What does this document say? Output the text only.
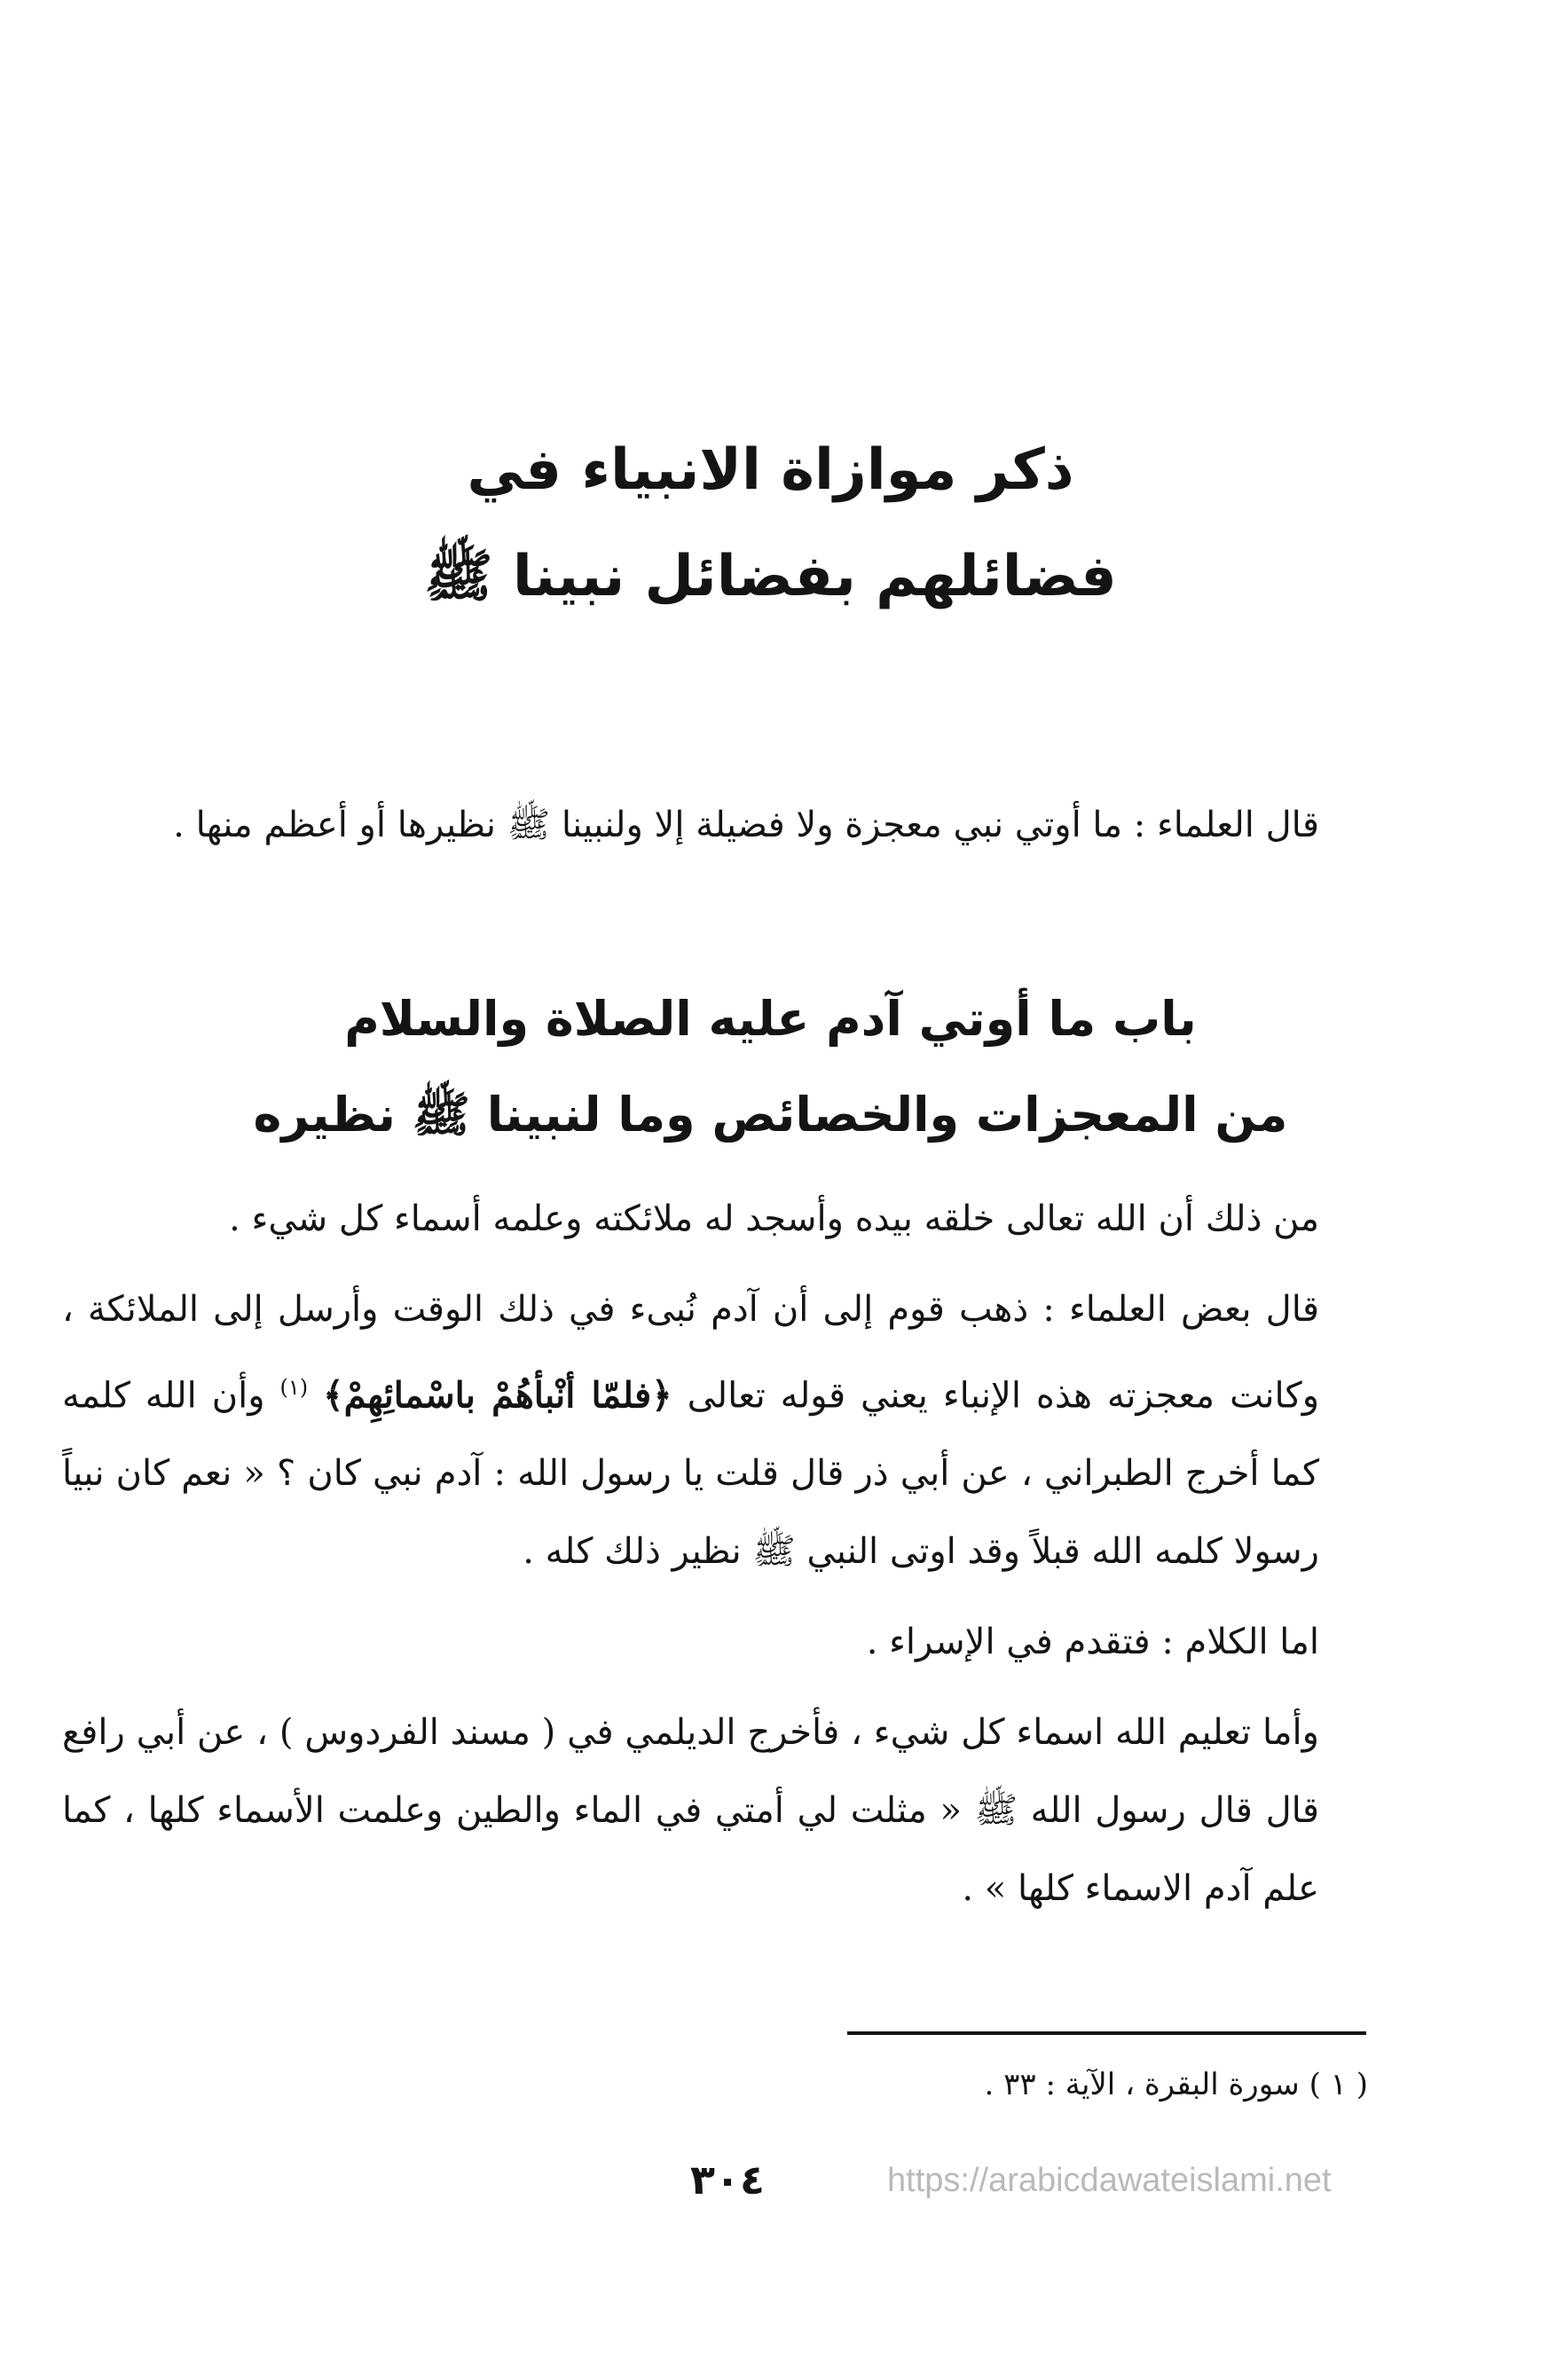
ذكر موازاة الانبياء في
فضائلهم بفضائل نبينا ﷺ

قال العلماء : ما أوتي نبي معجزة ولا فضيلة إلا ولنبينا ﷺ نظيرها أو أعظم منها .

باب ما أوتي آدم عليه الصلاة والسلام
من المعجزات والخصائص وما لنبينا ﷺ نظيره

من ذلك أن الله تعالى خلقه بيده وأسجد له ملائكته وعلمه أسماء كل شيء .

قال بعض العلماء : ذهب قوم إلى أن آدم نُبىء في ذلك الوقت وأرسل إلى الملائكة ، وكانت معجزته هذه الإنباء يعني قوله تعالى ﴿فلمّا أنْبأهُمْ باسْمائِهِمْ﴾ $^{(١)}$ وأن الله كلمه كما أخرج الطبراني ، عن أبي ذر قال قلت يا رسول الله : آدم نبي كان ؟ « نعم كان نبياً رسولا كلمه الله قبلاً وقد اوتى النبي ﷺ نظير ذلك كله .

اما الكلام : فتقدم في الإسراء .

وأما تعليم الله اسماء كل شيء ، فأخرج الديلمي في ( مسند الفردوس ) ، عن أبي رافع قال قال رسول الله ﷺ « مثلت لي أمتي في الماء والطين وعلمت الأسماء كلها ، كما علم آدم الاسماء كلها » .

( ١ ) سورة البقرة ، الآية : ٣٣ .
٣٠٤	https://arabicdawateislami.net
